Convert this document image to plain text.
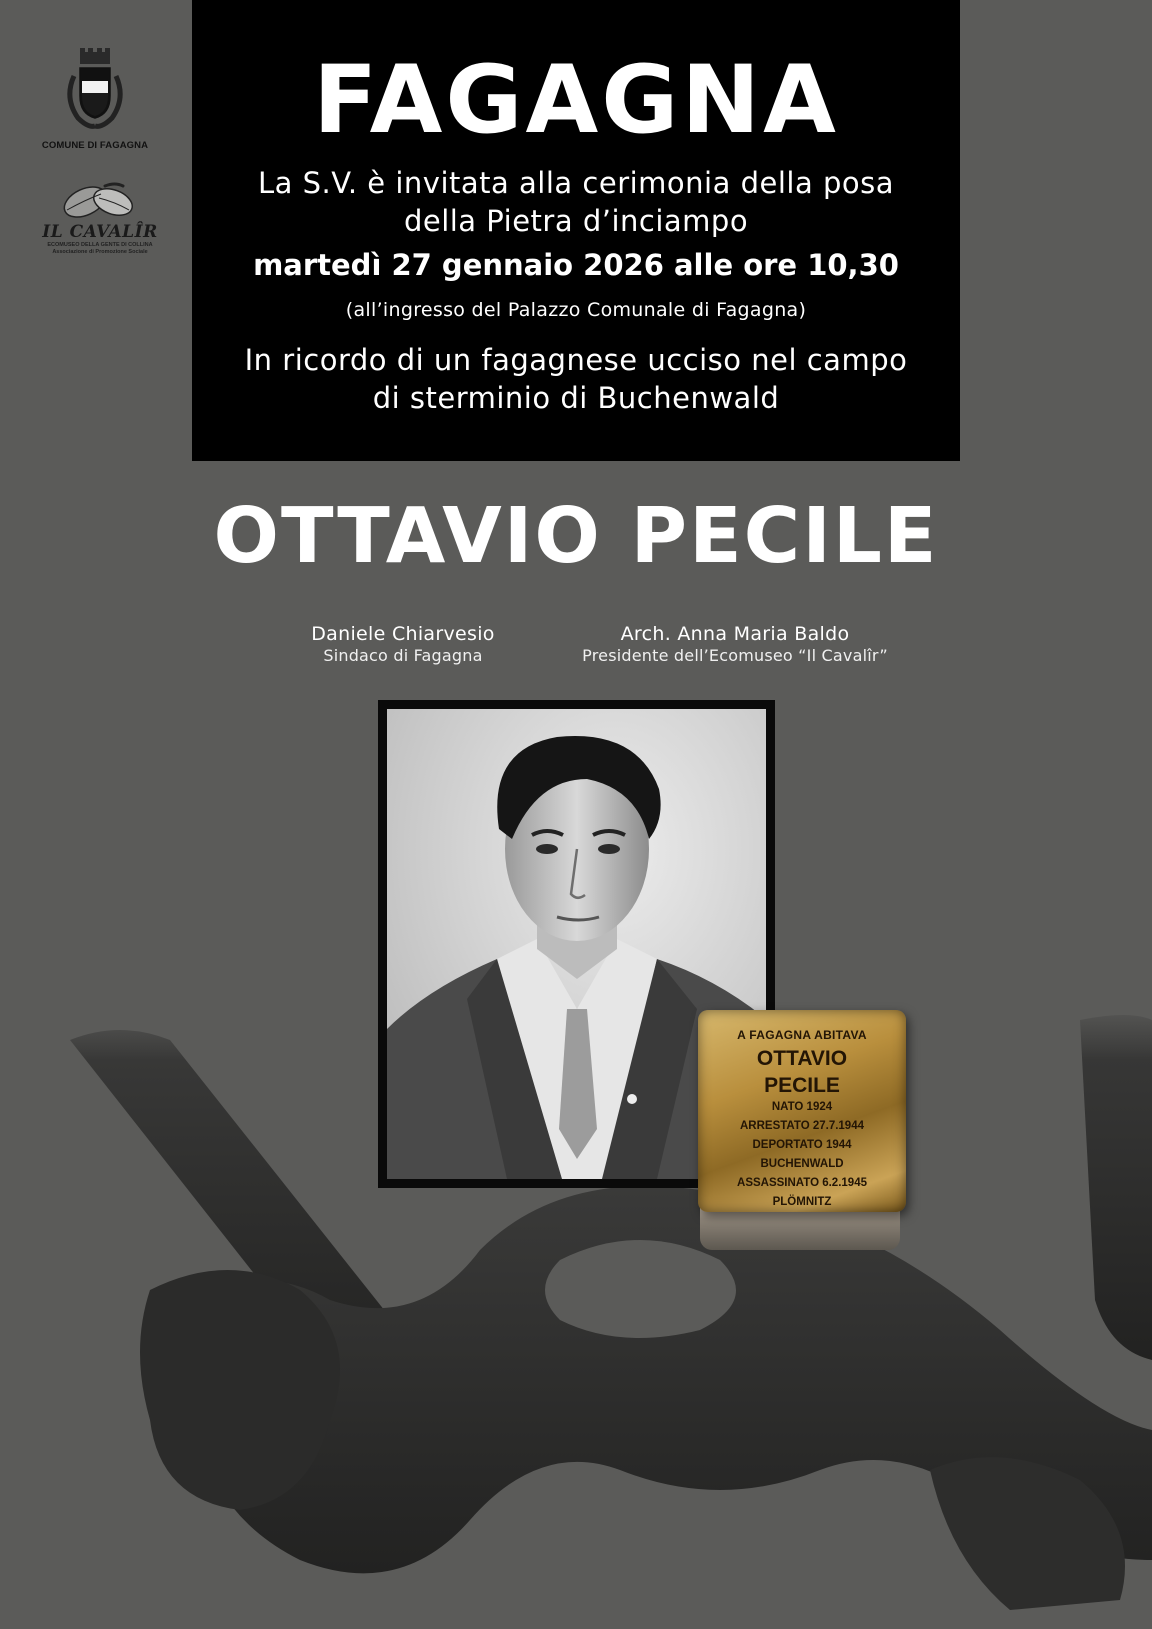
COMUNE DI FAGAGNA
IL CAVALÎR
ECOMUSEO DELLA GENTE DI COLLINA
Associazione di Promozione Sociale
FAGAGNA
La S.V. è invitata alla cerimonia della posa
della Pietra d’inciampo
martedì 27 gennaio 2026 alle ore 10,30
(all’ingresso del Palazzo Comunale di Fagagna)
In ricordo di un fagagnese ucciso nel campo
di sterminio di Buchenwald
OTTAVIO PECILE
Daniele Chiarvesio
Sindaco di Fagagna
Arch. Anna Maria Baldo
Presidente dell’Ecomuseo “Il Cavalîr”
A FAGAGNA ABITAVA
OTTAVIO
PECILE
NATO 1924
ARRESTATO 27.7.1944
DEPORTATO 1944
BUCHENWALD
ASSASSINATO 6.2.1945
PLÖMNITZ
